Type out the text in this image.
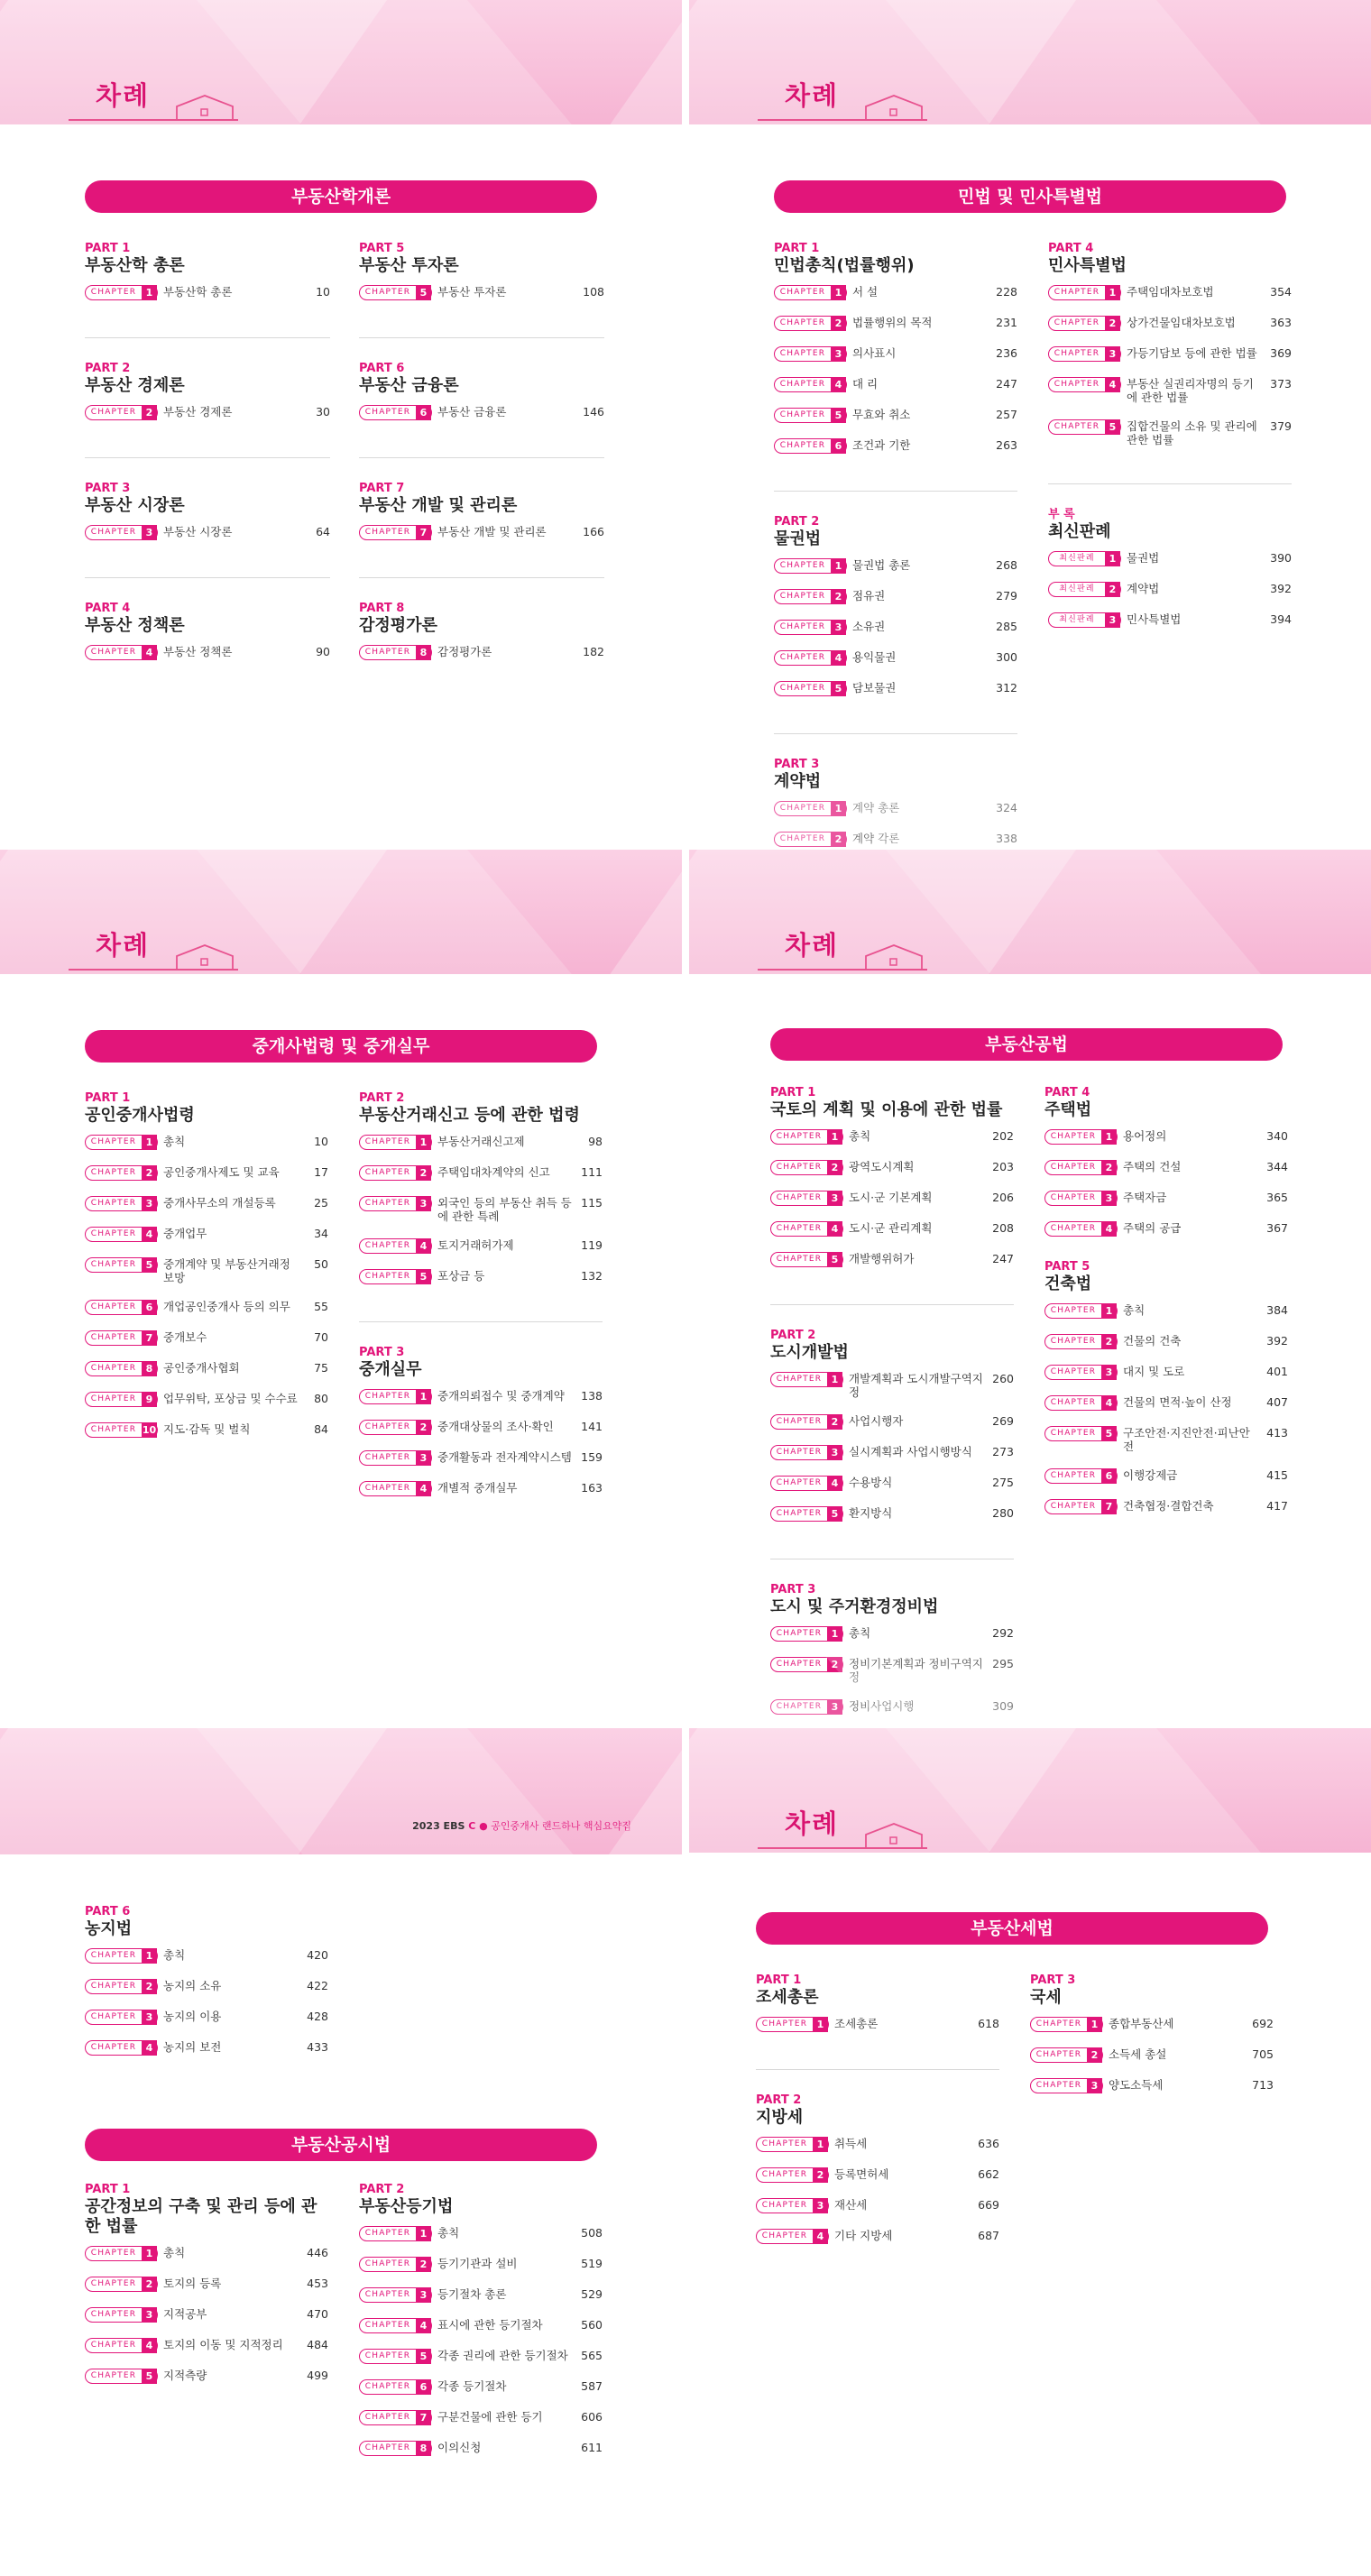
차례
부동산학개론
PART 1
부동산학 총론
CHAPTER 1 부동산학 총론	10
PART 2
부동산 경제론
CHAPTER 2 부동산 경제론	30
PART 3
부동산 시장론
CHAPTER 3 부동산 시장론	64
PART 4
부동산 정책론
CHAPTER 4 부동산 정책론	90
PART 5
부동산 투자론
CHAPTER 5 부동산 투자론	108
PART 6
부동산 금융론
CHAPTER 6 부동산 금융론	146
PART 7
부동산 개발 및 관리론
CHAPTER 7 부동산 개발 및 관리론	166
PART 8
감정평가론
CHAPTER 8 감정평가론	182
차례
민법 및 민사특별법
PART 1
민법총칙(법률행위)
CHAPTER 1 서 설	228
CHAPTER 2 법률행위의 목적	231
CHAPTER 3 의사표시	236
CHAPTER 4 대 리	247
CHAPTER 5 무효와 취소	257
CHAPTER 6 조건과 기한	263
PART 2
물권법
CHAPTER 1 물권법 총론	268
CHAPTER 2 점유권	279
CHAPTER 3 소유권	285
CHAPTER 4 용익물권	300
CHAPTER 5 담보물권	312
PART 3
계약법
CHAPTER 1 계약 총론	324
CHAPTER 2 계약 각론	338
PART 4
민사특별법
CHAPTER 1 주택임대차보호법	354
CHAPTER 2 상가건물임대차보호법	363
CHAPTER 3 가등기담보 등에 관한 법률	369
CHAPTER 4 부동산 실권리자명의 등기에 관한 법률
373
CHAPTER 5 집합건물의 소유 및 관리에 관한 법률
379
부 록
최신판례
최신판례	1 물권법	390
최신판례	2 계약법	392
최신판례	3 민사특별법	394
차례
중개사법령 및 중개실무
PART 1
공인중개사법령
CHAPTER 1 총칙	10
CHAPTER 2 공인중개사제도 및 교육	17
CHAPTER 3 중개사무소의 개설등록	25
CHAPTER 4 중개업무	34
CHAPTER 5 중개계약 및 부동산거래정보망
50
CHAPTER 6 개업공인중개사 등의 의무	55
CHAPTER 7 중개보수	70
CHAPTER 8 공인중개사협회	75
CHAPTER 9 업무위탁, 포상금 및 수수료	80
CHAPTER 10 지도·감독 및 벌칙	84
PART 2
부동산거래신고 등에 관한 법령
CHAPTER 1 부동산거래신고제	98
CHAPTER 2 주택임대차계약의 신고	111
CHAPTER 3 외국인 등의 부동산 취득 등에 관한 특례
115
CHAPTER 4 토지거래허가제	119
CHAPTER 5 포상금 등	132
PART 3
중개실무
CHAPTER 1 중개의뢰접수 및 중개계약	138
CHAPTER 2 중개대상물의 조사·확인	141
CHAPTER 3 중개활동과 전자계약시스템 159
CHAPTER 4 개별적 중개실무	163
차례
부동산공법
PART 1
국토의 계획 및 이용에 관한 법률
CHAPTER 1 총칙	202
CHAPTER 2 광역도시계획	203
CHAPTER 3 도시·군 기본계획	206
CHAPTER 4 도시·군 관리계획	208
CHAPTER 5 개발행위허가	247
PART 2
도시개발법
CHAPTER 1 개발계획과 도시개발구역지정
260
CHAPTER 2 사업시행자	269
CHAPTER 3 실시계획과 사업시행방식	273
CHAPTER 4 수용방식	275
CHAPTER 5 환지방식	280
PART 3
도시 및 주거환경정비법
CHAPTER 1 총칙	292
CHAPTER 2 정비기본계획과 정비구역지정
295
CHAPTER 3 정비사업시행	309
PART 4
주택법
CHAPTER 1 용어정의	340
CHAPTER 2 주택의 건설	344
CHAPTER 3 주택자금	365
CHAPTER 4 주택의 공급	367
PART 5
건축법
CHAPTER 1 총칙	384
CHAPTER 2 건물의 건축	392
CHAPTER 3 대지 및 도로	401
CHAPTER 4 건물의 면적·높이 산정	407
CHAPTER 5 구조안전·지진안전·피난안전
413
CHAPTER 6 이행강제금	415
CHAPTER 7 건축협정·결합건축	417
2023 EBS C ● 공인중개사 랜드하나 핵심요약집
PART 6
농지법
CHAPTER 1 총칙	420
CHAPTER 2 농지의 소유	422
CHAPTER 3 농지의 이용	428
CHAPTER 4 농지의 보전	433
부동산공시법
PART 1
공간정보의 구축 및 관리 등에 관한 법률
CHAPTER 1 총칙	446
CHAPTER 2 토지의 등록	453
CHAPTER 3 지적공부	470
CHAPTER 4 토지의 이동 및 지적정리	484
CHAPTER 5 지적측량	499
PART 2
부동산등기법
CHAPTER 1 총칙	508
CHAPTER 2 등기기관과 설비	519
CHAPTER 3 등기절차 총론	529
CHAPTER 4 표시에 관한 등기절차	560
CHAPTER 5 각종 권리에 관한 등기절차	565
CHAPTER 6 각종 등기절차	587
CHAPTER 7 구분건물에 관한 등기	606
CHAPTER 8 이의신청	611
차례
부동산세법
PART 1
조세총론
CHAPTER 1 조세총론	618
PART 2
지방세
CHAPTER 1 취득세	636
CHAPTER 2 등록면허세	662
CHAPTER 3 재산세	669
CHAPTER 4 기타 지방세	687
PART 3
국세
CHAPTER 1 종합부동산세	692
CHAPTER 2 소득세 총설	705
CHAPTER 3 양도소득세	713
